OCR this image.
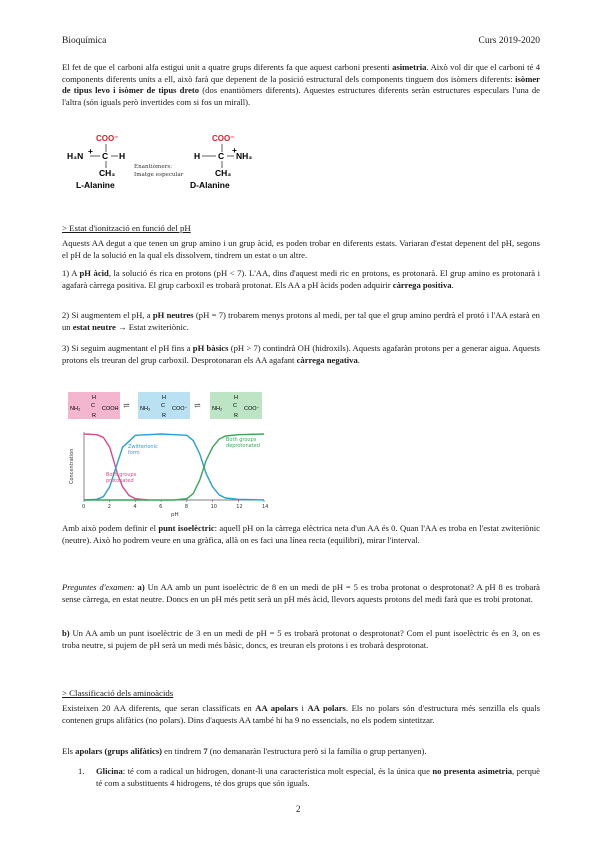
Bioquímica	Curs 2019-2020

El fet de que el carboni alfa estigui unit a quatre grups diferents fa que aquest carboni presenti asimetria. Això vol dir que el carboni té 4 components diferents units a ell, això farà que depenent de la posició estructural dels components tinguem dos isòmers diferents: isòmer de tipus levo i isòmer de tipus dreto (dos enantiòmers diferents). Aquestes estructures diferents seràn estructures especulars l'una de l'altra (són iguals però invertides com si fos un mirall).

COO⁻
H₃N + C H
CH₃
L-Alanine
Enantiòmers:
Imatge especular
COO⁻
H C NH₃
+
CH₃
D-Alanine
> Estat d'ionització en funció del pH

Aquests AA degut a que tenen un grup amino i un grup àcid, es poden trobar en diferents estats. Variaran d'estat depenent del pH, segons el pH de la solució en la qual els dissolvem, tindrem un estat o un altre.

1) A pH àcid, la solució és rica en protons (pH < 7). L'AA, dins d'aquest medi ric en protons, es protonarà. El grup amino es protonarà i agafarà càrrega positiva. El grup carboxil es trobarà protonat. Els AA a pH àcids poden adquirir càrrega positiva.

2) Si augmentem el pH, a pH neutres (pH = 7) trobarem menys protons al medi, per tal que el grup amino perdrà el protó i l'AA estarà en un estat neutre → Estat zwiteriònic.

3) Si seguim augmentant el pH fins a pH bàsics (pH > 7) contindrà OH (hidroxils). Aquests agafaràn protons per a generar aigua. Aquests protons els treuran del grup carboxil. Desprotonaran els AA agafant càrrega negativa.

H
C
NH₃	COOH
R
H
C
NH₃	COO⁻
R
H
C
NH₂	COO⁻
R
⇌	⇌
Concentration
pH
0	2	4	6	8	10	12	14
Zwitterionic
form
Both groups
deprotonated
Both groups
protonated

Amb això podem definir el punt isoelèctric: aquell pH on la càrrega elèctrica neta d'un AA és 0. Quan l'AA es troba en l'estat zwiteriònic (neutre). Això ho podrem veure en una gràfica, allà on es faci una línea recta (equilibri), mirar l'interval.

Preguntes d'examen: a) Un AA amb un punt isoelèctric de 8 en un medi de pH = 5 es troba protonat o desprotonat? A pH 8 es trobarà sense càrrega, en estat neutre. Doncs en un pH més petit serà un pH més àcid, llevors aquests protons del medi farà que es trobi protonat.

b) Un AA amb un punt isoelèctric de 3 en un medi de pH = 5 es trobarà protonat o desprotonat? Com el punt isoelèctric és en 3, on es troba neutre, si pujem de pH serà un medi més bàsic, doncs, es treuran els protons i es trobarà desprotonat.

> Classificació dels aminoàcids

Existeixen 20 AA diferents, que seran classificats en AA apolars i AA polars. Els no polars són d'estructura més senzilla els quals contenen grups alifàtics (no polars). Dins d'aquests AA també hi ha 9 no essencials, no els podem sintetitzar.

Els apolars (grups alifàtics) en tindrem 7 (no demanaràn l'estructura però si la família o grup pertanyen).

1. Glicina: té com a radical un hidrogen, donant-li una característica molt especial, és la única que no presenta asimetria, perquè té com a substituents 4 hidrogens, té dos grups que són iguals.

2
